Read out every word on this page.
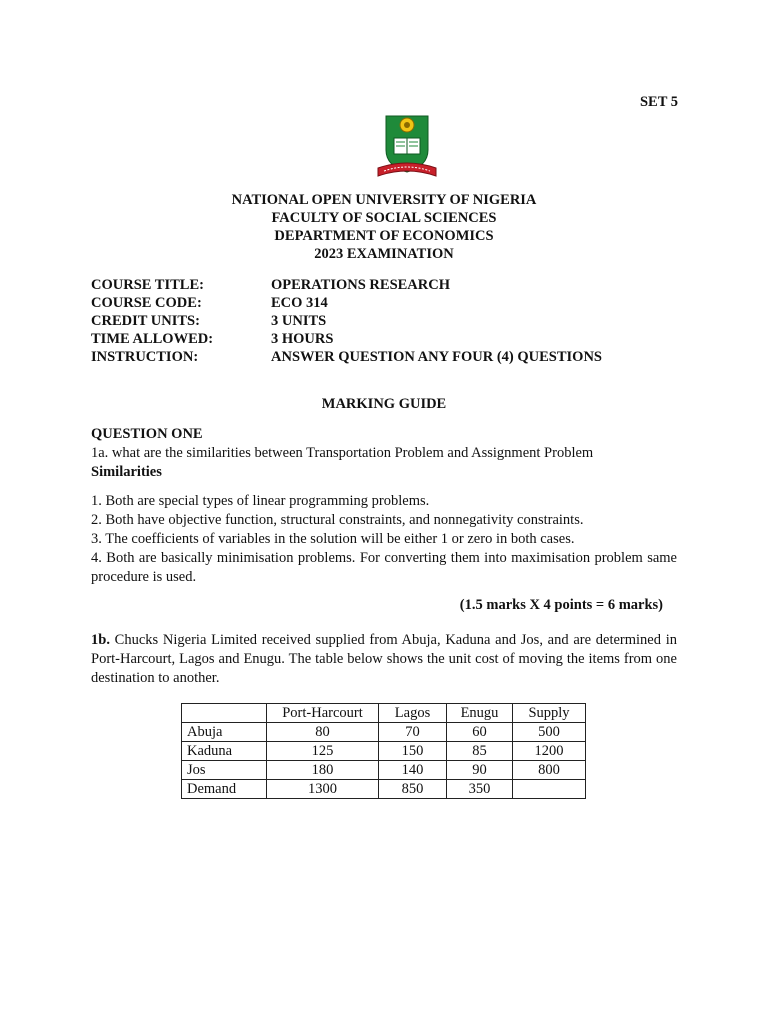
SET 5
NATIONAL OPEN UNIVERSITY OF NIGERIA
FACULTY OF SOCIAL SCIENCES
DEPARTMENT OF ECONOMICS
2023 EXAMINATION
COURSE TITLE:	OPERATIONS RESEARCH
COURSE CODE:	ECO 314
CREDIT UNITS:	3 UNITS
TIME ALLOWED:	3 HOURS
INSTRUCTION:	ANSWER QUESTION ANY FOUR (4) QUESTIONS
MARKING GUIDE
QUESTION ONE
1a. what are the similarities between Transportation Problem and Assignment Problem
Similarities
1. Both are special types of linear programming problems.
2. Both have objective function, structural constraints, and nonnegativity constraints.
3. The coefficients of variables in the solution will be either 1 or zero in both cases.
4. Both are basically minimisation problems. For converting them into maximisation problem same procedure is used.
(1.5 marks X 4 points = 6 marks)
1b. Chucks Nigeria Limited received supplied from Abuja, Kaduna and Jos, and are determined in Port-Harcourt, Lagos and Enugu. The table below shows the unit cost of moving the items from one destination to another.
	Port-Harcourt	Lagos	Enugu	Supply
Abuja	80	70	60	500
Kaduna	125	150	85	1200
Jos	180	140	90	800
Demand	1300	850	350	
